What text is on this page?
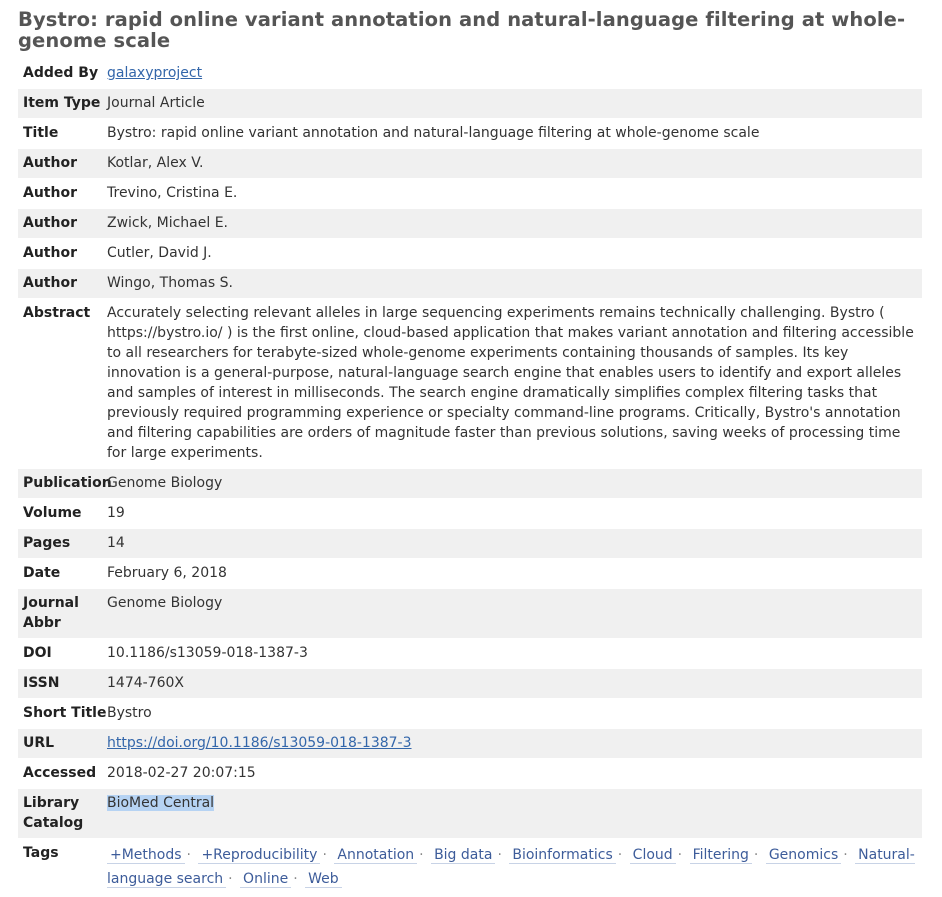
Bystro: rapid online variant annotation and natural-language filtering at whole-genome scale
Added By	galaxyproject
Item Type	Journal Article
Title	Bystro: rapid online variant annotation and natural-language filtering at whole-genome scale
Author	Kotlar, Alex V.
Author	Trevino, Cristina E.
Author	Zwick, Michael E.
Author	Cutler, David J.
Author	Wingo, Thomas S.
Abstract	Accurately selecting relevant alleles in large sequencing experiments remains technically challenging. Bystro ( https://bystro.io/ ) is the first online, cloud-based application that makes variant annotation and filtering accessible to all researchers for terabyte-sized whole-genome experiments containing thousands of samples. Its key innovation is a general-purpose, natural-language search engine that enables users to identify and export alleles and samples of interest in milliseconds. The search engine dramatically simplifies complex filtering tasks that previously required programming experience or specialty command-line programs. Critically, Bystro's annotation and filtering capabilities are orders of magnitude faster than previous solutions, saving weeks of processing time for large experiments.
Publication	Genome Biology
Volume	19
Pages	14
Date	February 6, 2018
Journal Abbr	Genome Biology
DOI	10.1186/s13059-018-1387-3
ISSN	1474-760X
Short Title	Bystro
URL	https://doi.org/10.1186/s13059-018-1387-3
Accessed	2018-02-27 20:07:15
Library Catalog	BioMed Central
Tags	+Methods · +Reproducibility · Annotation · Big data · Bioinformatics · Cloud · Filtering · Genomics · Natural-language search · Online · Web
